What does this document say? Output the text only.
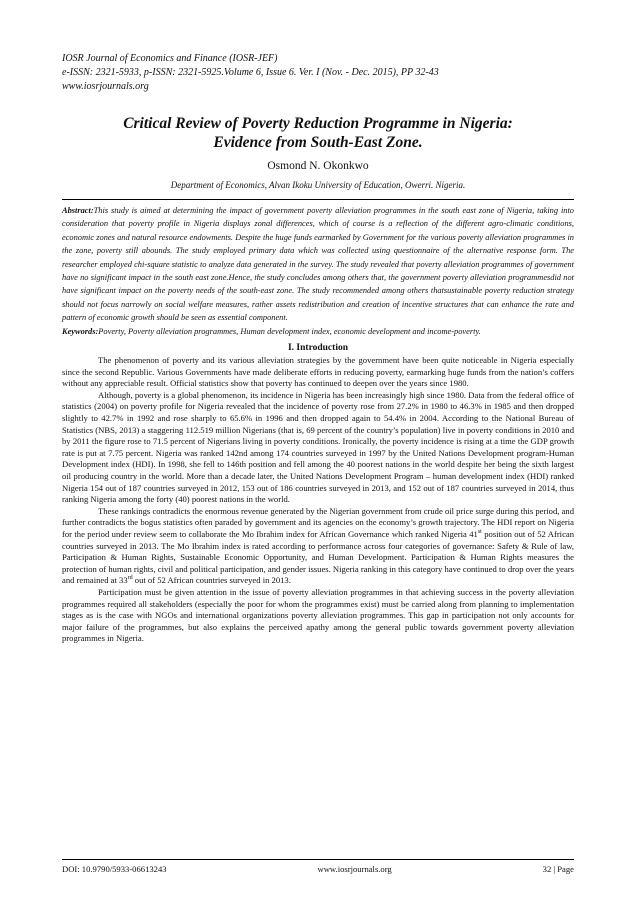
IOSR Journal of Economics and Finance (IOSR-JEF)
e-ISSN: 2321-5933, p-ISSN: 2321-5925.Volume 6, Issue 6. Ver. I (Nov. - Dec. 2015), PP 32-43
www.iosrjournals.org
Critical Review of Poverty Reduction Programme in Nigeria:
Evidence from South-East Zone.
Osmond N. Okonkwo
Department of Economics, Alvan Ikoku University of Education, Owerri. Nigeria.
Abstract:This study is aimed at determining the impact of government poverty alleviation programmes in the south east zone of Nigeria, taking into consideration that poverty profile in Nigeria displays zonal differences, which of course is a reflection of the different agro-climatic conditions, economic zones and natural resource endowments. Despite the huge funds earmarked by Government for the various poverty alleviation programmes in the zone, poverty still abounds. The study employed primary data which was collected using questionnaire of the alternative response form. The researcher employed chi-square statistic to analyze data generated in the survey. The study revealed that poverty alleviation programmes of government have no significant impact in the south east zone.Hence, the study concludes among others that, the government poverty alleviation programmesdid not have significant impact on the poverty needs of the south-east zone. The study recommended among others thatsustainable poverty reduction strategy should not focus narrowly on social welfare measures, rather assets redistribution and creation of incentive structures that can enhance the rate and pattern of economic growth should be seen as essential component.
Keywords:Poverty, Poverty alleviation programmes, Human development index, economic development and income-poverty.
I. Introduction

The phenomenon of poverty and its various alleviation strategies by the government have been quite noticeable in Nigeria especially since the second Republic. Various Governments have made deliberate efforts in reducing poverty, earmarking huge funds from the nation’s coffers without any appreciable result. Official statistics show that poverty has continued to deepen over the years since 1980.

Although, poverty is a global phenomenon, its incidence in Nigeria has been increasingly high since 1980. Data from the federal office of statistics (2004) on poverty profile for Nigeria revealed that the incidence of poverty rose from 27.2% in 1980 to 46.3% in 1985 and then dropped slightly to 42.7% in 1992 and rose sharply to 65.6% in 1996 and then dropped again to 54.4% in 2004. According to the National Bureau of Statistics (NBS, 2013) a staggering 112.519 million Nigerians (that is, 69 percent of the country’s population) live in poverty conditions in 2010 and by 2011 the figure rose to 71.5 percent of Nigerians living in poverty conditions. Ironically, the poverty incidence is rising at a time the GDP growth rate is put at 7.75 percent. Nigeria was ranked 142nd among 174 countries surveyed in 1997 by the United Nations Development program-Human Development index (HDI). In 1998, she fell to 146th position and fell among the 40 poorest nations in the world despite her being the sixth largest oil producing country in the world. More than a decade later, the United Nations Development Program – human development index (HDI) ranked Nigeria 154 out of 187 countries surveyed in 2012, 153 out of 186 countries surveyed in 2013, and 152 out of 187 countries surveyed in 2014, thus ranking Nigeria among the forty (40) poorest nations in the world.

These rankings contradicts the enormous revenue generated by the Nigerian government from crude oil price surge during this period, and further contradicts the bogus statistics often paraded by government and its agencies on the economy’s growth trajectory. The HDI report on Nigeria for the period under review seem to collaborate the Mo Ibrahim index for African Governance which ranked Nigeria 41st position out of 52 African countries surveyed in 2013. The Mo Ibrahim index is rated according to performance across four categories of governance: Safety & Rule of law, Participation & Human Rights, Sustainable Economic Opportunity, and Human Development. Participation & Human Rights measures the protection of human rights, civil and political participation, and gender issues. Nigeria ranking in this category have continued to drop over the years and remained at 33rd out of 52 African countries surveyed in 2013.

Participation must be given attention in the issue of poverty alleviation programmes in that achieving success in the poverty alleviation programmes required all stakeholders (especially the poor for whom the programmes exist) must be carried along from planning to implementation stages as is the case with NGOs and international organizations poverty alleviation programmes. This gap in participation not only accounts for major failure of the programmes, but also explains the perceived apathy among the general public towards government poverty alleviation programmes in Nigeria.

DOI: 10.9790/5933-06613243	www.iosrjournals.org	32 | Page
